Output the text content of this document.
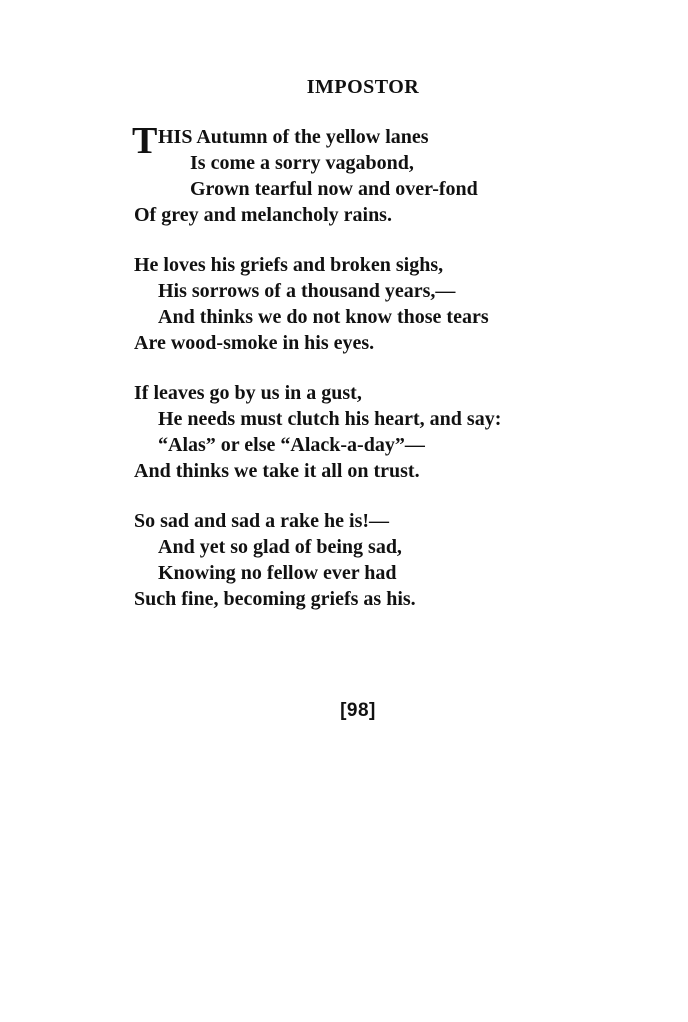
IMPOSTOR
T HIS Autumn of the yellow lanes
Is come a sorry vagabond,
Grown tearful now and over-fond
Of grey and melancholy rains.
He loves his griefs and broken sighs,
His sorrows of a thousand years,—
And thinks we do not know those tears
Are wood-smoke in his eyes.
If leaves go by us in a gust,
He needs must clutch his heart, and say:
“Alas” or else “Alack-a-day”—
And thinks we take it all on trust.
So sad and sad a rake he is!—
And yet so glad of being sad,
Knowing no fellow ever had
Such fine, becoming griefs as his.
[98]
